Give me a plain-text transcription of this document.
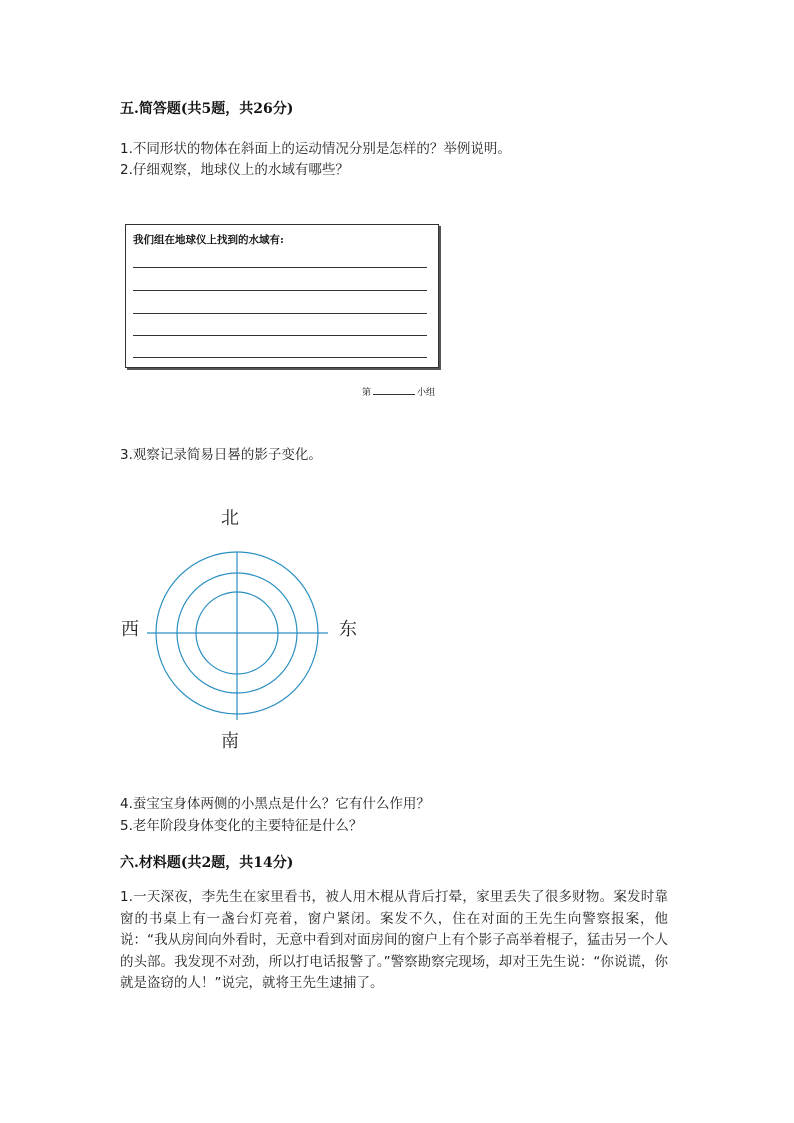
五.简答题(共5题，共26分)
1.不同形状的物体在斜面上的运动情况分别是怎样的？举例说明。
2.仔细观察，地球仪上的水域有哪些？
我们组在地球仪上找到的水域有:
第	小组
3.观察记录简易日晷的影子变化。
北
西	东
南
4.蚕宝宝身体两侧的小黑点是什么？它有什么作用？
5.老年阶段身体变化的主要特征是什么？
六.材料题(共2题，共14分)
1.一天深夜，李先生在家里看书，被人用木棍从背后打晕，家里丢失了很多财物。案发时靠窗的书桌上有一盏台灯亮着，窗户紧闭。案发不久，住在对面的王先生向警察报案，他说：“我从房间向外看时，无意中看到对面房间的窗户上有个影子高举着棍子，猛击另一个人的头部。我发现不对劲，所以打电话报警了。”警察勘察完现场，却对王先生说：“你说谎，你就是盗窃的人！”说完，就将王先生逮捕了。
